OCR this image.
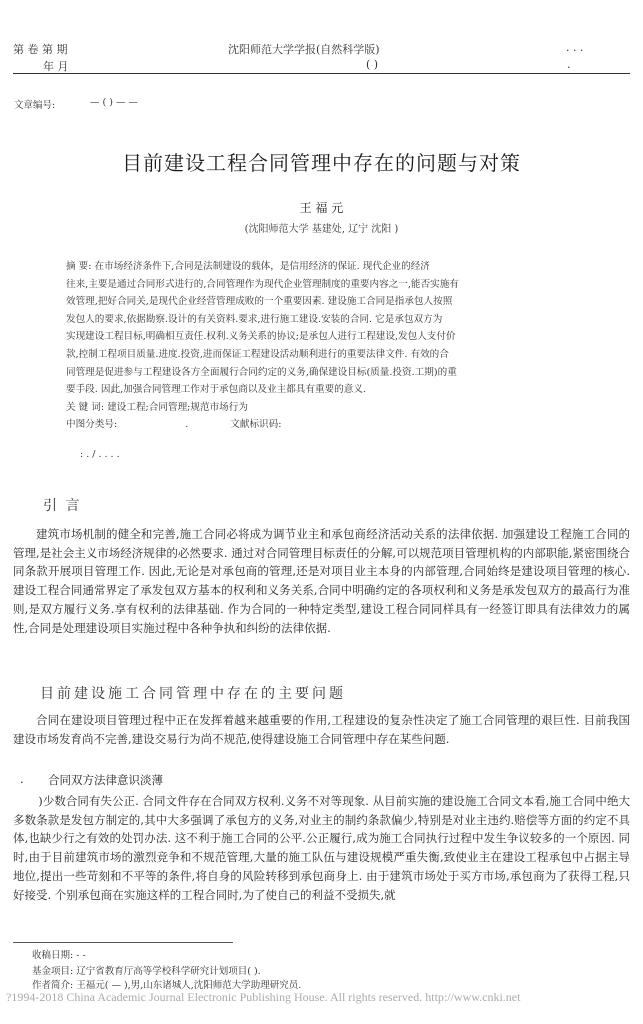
第 卷 第 期
年 月
沈阳师范大学学报(自然科学版)	. . .
( )	.
文章编号:	— ( ) — —
目前建设工程合同管理中存在的问题与对策
王 福 元
(沈阳师范大学 基建处, 辽宁 沈阳 )
摘 要: 在市场经济条件下,合同是法制建设的载体，是信用经济的保证. 现代企业的经济
往来,主要是通过合同形式进行的,合同管理作为现代企业管理制度的重要内容之一,能否实施有
效管理,把好合同关,是现代企业经营管理成败的一个重要因素. 建设施工合同是指承包人按照
发包人的要求,依据勘察.设计的有关资料.要求,进行施工建设.安装的合同. 它是承包双方为
实现建设工程目标,明确相互责任.权利.义务关系的协议;是承包人进行工程建设,发包人支付价
款,控制工程项目质量.进度.投资,进而保证工程建设活动顺利进行的重要法律文件. 有效的合
同管理是促进参与工程建设各方全面履行合同约定的义务,确保建设目标(质量.投资.工期)的重
要手段. 因此,加强合同管理工作对于承包商以及业主都具有重要的意义.
关 键 词: 建设工程;合同管理;规范市场行为
中图分类号:	.	文献标识码:
: . / . . . .
引 言

建筑市场机制的健全和完善,施工合同必将成为调节业主和承包商经济活动关系的法律依据. 加强建设工程施工合同的管理,是社会主义市场经济规律的必然要求. 通过对合同管理目标责任的分解,可以规范项目管理机构的内部职能,紧密围绕合同条款开展项目管理工作. 因此,无论是对承包商的管理,还是对项目业主本身的内部管理,合同始终是建设项目管理的核心. 建设工程合同通常界定了承发包双方基本的权利和义务关系,合同中明确约定的各项权利和义务是承发包双方的最高行为准则,是双方履行义务.享有权利的法律基础. 作为合同的一种特定类型,建设工程合同同样具有一经签订即具有法律效力的属性,合同是处理建设项目实施过程中各种争执和纠纷的法律依据.

目前建设施工合同管理中存在的主要问题

合同在建设项目管理过程中正在发挥着越来越重要的作用,工程建设的复杂性决定了施工合同管理的艰巨性. 目前我国建设市场发育尚不完善,建设交易行为尚不规范,使得建设施工合同管理中存在某些问题.

. 合同双方法律意识淡薄

)少数合同有失公正. 合同文件存在合同双方权利.义务不对等现象. 从目前实施的建设施工合同文本看,施工合同中绝大多数条款是发包方制定的,其中大多强调了承包方的义务,对业主的制约条款偏少,特别是对业主违约.赔偿等方面的约定不具体,也缺少行之有效的处罚办法. 这不利于施工合同的公平.公正履行,成为施工合同执行过程中发生争议较多的一个原因. 同时,由于目前建筑市场的激烈竞争和不规范管理,大量的施工队伍与建设规模严重失衡,致使业主在建设工程承包中占据主导地位,提出一些苛刻和不平等的条件,将自身的风险转移到承包商身上. 由于建筑市场处于买方市场,承包商为了获得工程,只好接受. 个别承包商在实施这样的工程合同时,为了使自己的利益不受损失,就

收稿日期: - -
基金项目: 辽宁省教育厅高等学校科学研究计划项目( ).
作者简介: 王福元( — ),男,山东诸城人,沈阳师范大学助理研究员.
?1994-2018 China Academic Journal Electronic Publishing House. All rights reserved. http://www.cnki.net
